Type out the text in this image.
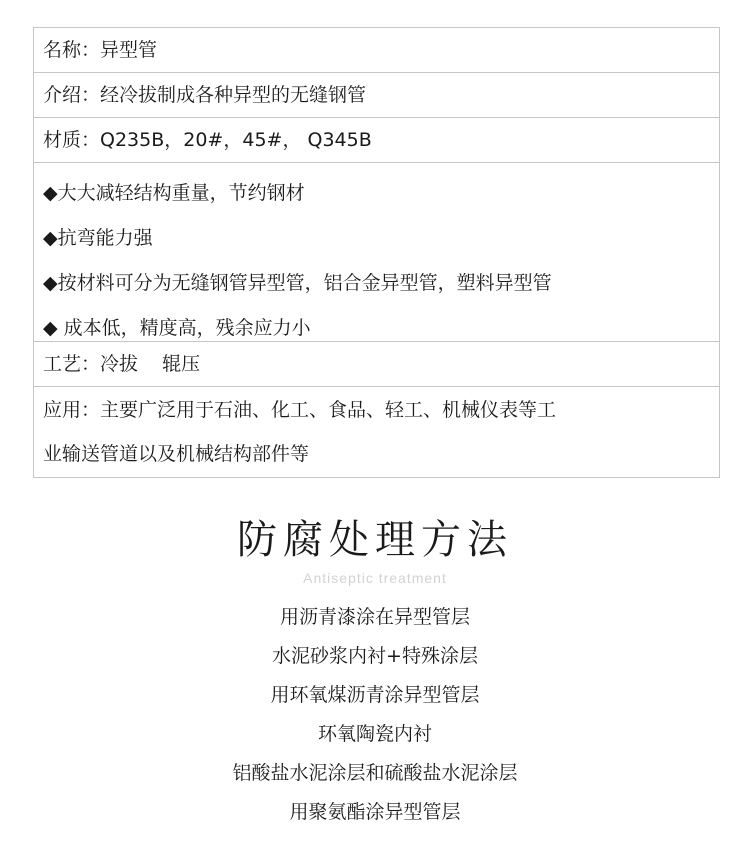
名称：异型管
介绍：经冷拔制成各种异型的无缝钢管
材质：Q235B，20#，45#， Q345B
◆大大减轻结构重量，节约钢材
◆抗弯能力强
◆按材料可分为无缝钢管异型管，铝合金异型管，塑料异型管
◆ 成本低，精度高，残余应力小
工艺：冷拔    辊压
应用：主要广泛用于石油、化工、食品、轻工、机械仪表等工
业输送管道以及机械结构部件等
防腐处理方法
Antiseptic treatment
用沥青漆涂在异型管层
水泥砂浆内衬+特殊涂层
用环氧煤沥青涂异型管层
环氧陶瓷内衬
铝酸盐水泥涂层和硫酸盐水泥涂层
用聚氨酯涂异型管层
